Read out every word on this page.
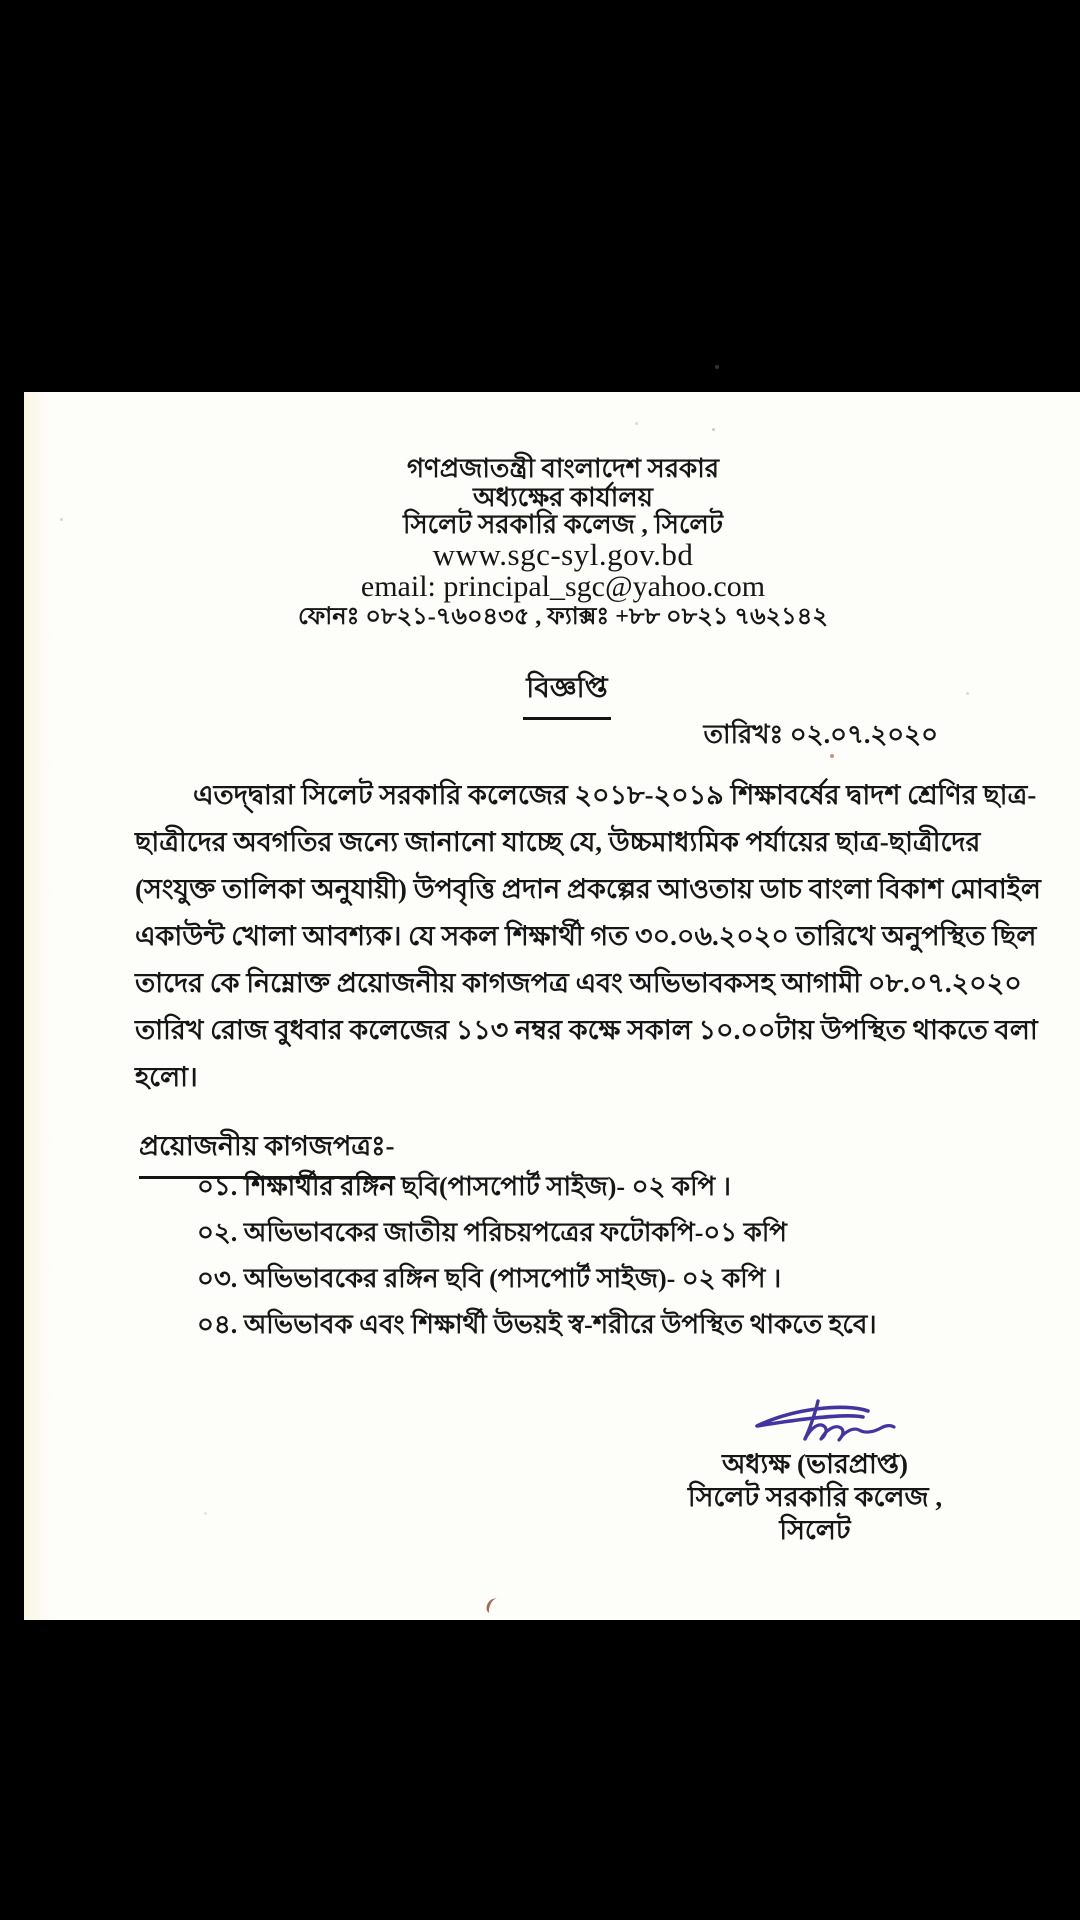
গণপ্রজাতন্ত্রী বাংলাদেশ সরকার
অধ্যক্ষের কার্যালয়
সিলেট সরকারি কলেজ , সিলেট
www.sgc-syl.gov.bd
email: principal_sgc@yahoo.com
ফোনঃ ০৮২১-৭৬০৪৩৫ , ফ্যাক্সঃ +৮৮ ০৮২১ ৭৬২১৪২
বিজ্ঞপ্তি
তারিখঃ ০২.০৭.২০২০
এতদ্দ্বারা সিলেট সরকারি কলেজের ২০১৮-২০১৯ শিক্ষাবর্ষের দ্বাদশ শ্রেণির ছাত্র-
ছাত্রীদের অবগতির জন্যে জানানো যাচ্ছে যে, উচ্চমাধ্যমিক পর্যায়ের ছাত্র-ছাত্রীদের
(সংযুক্ত তালিকা অনুযায়ী) উপবৃত্তি প্রদান প্রকল্পের আওতায় ডাচ বাংলা বিকাশ মোবাইল
একাউন্ট খোলা আবশ্যক। যে সকল শিক্ষার্থী গত ৩০.০৬.২০২০ তারিখে অনুপস্থিত ছিল
তাদের কে নিম্নোক্ত প্রয়োজনীয় কাগজপত্র এবং অভিভাবকসহ আগামী ০৮.০৭.২০২০
তারিখ রোজ বুধবার কলেজের ১১৩ নম্বর কক্ষে সকাল ১০.০০টায় উপস্থিত থাকতে বলা
হলো।
প্রয়োজনীয় কাগজপত্রঃ-
০১. শিক্ষার্থীর রঙ্গিন ছবি(পাসপোর্ট সাইজ)- ০২ কপি ।
০২. অভিভাবকের জাতীয় পরিচয়পত্রের ফটোকপি-০১ কপি
০৩. অভিভাবকের রঙ্গিন ছবি (পাসপোর্ট সাইজ)- ০২ কপি ।
০৪. অভিভাবক এবং শিক্ষার্থী উভয়ই স্ব-শরীরে উপস্থিত থাকতে হবে।
অধ্যক্ষ (ভারপ্রাপ্ত)
সিলেট সরকারি কলেজ ,
সিলেট
